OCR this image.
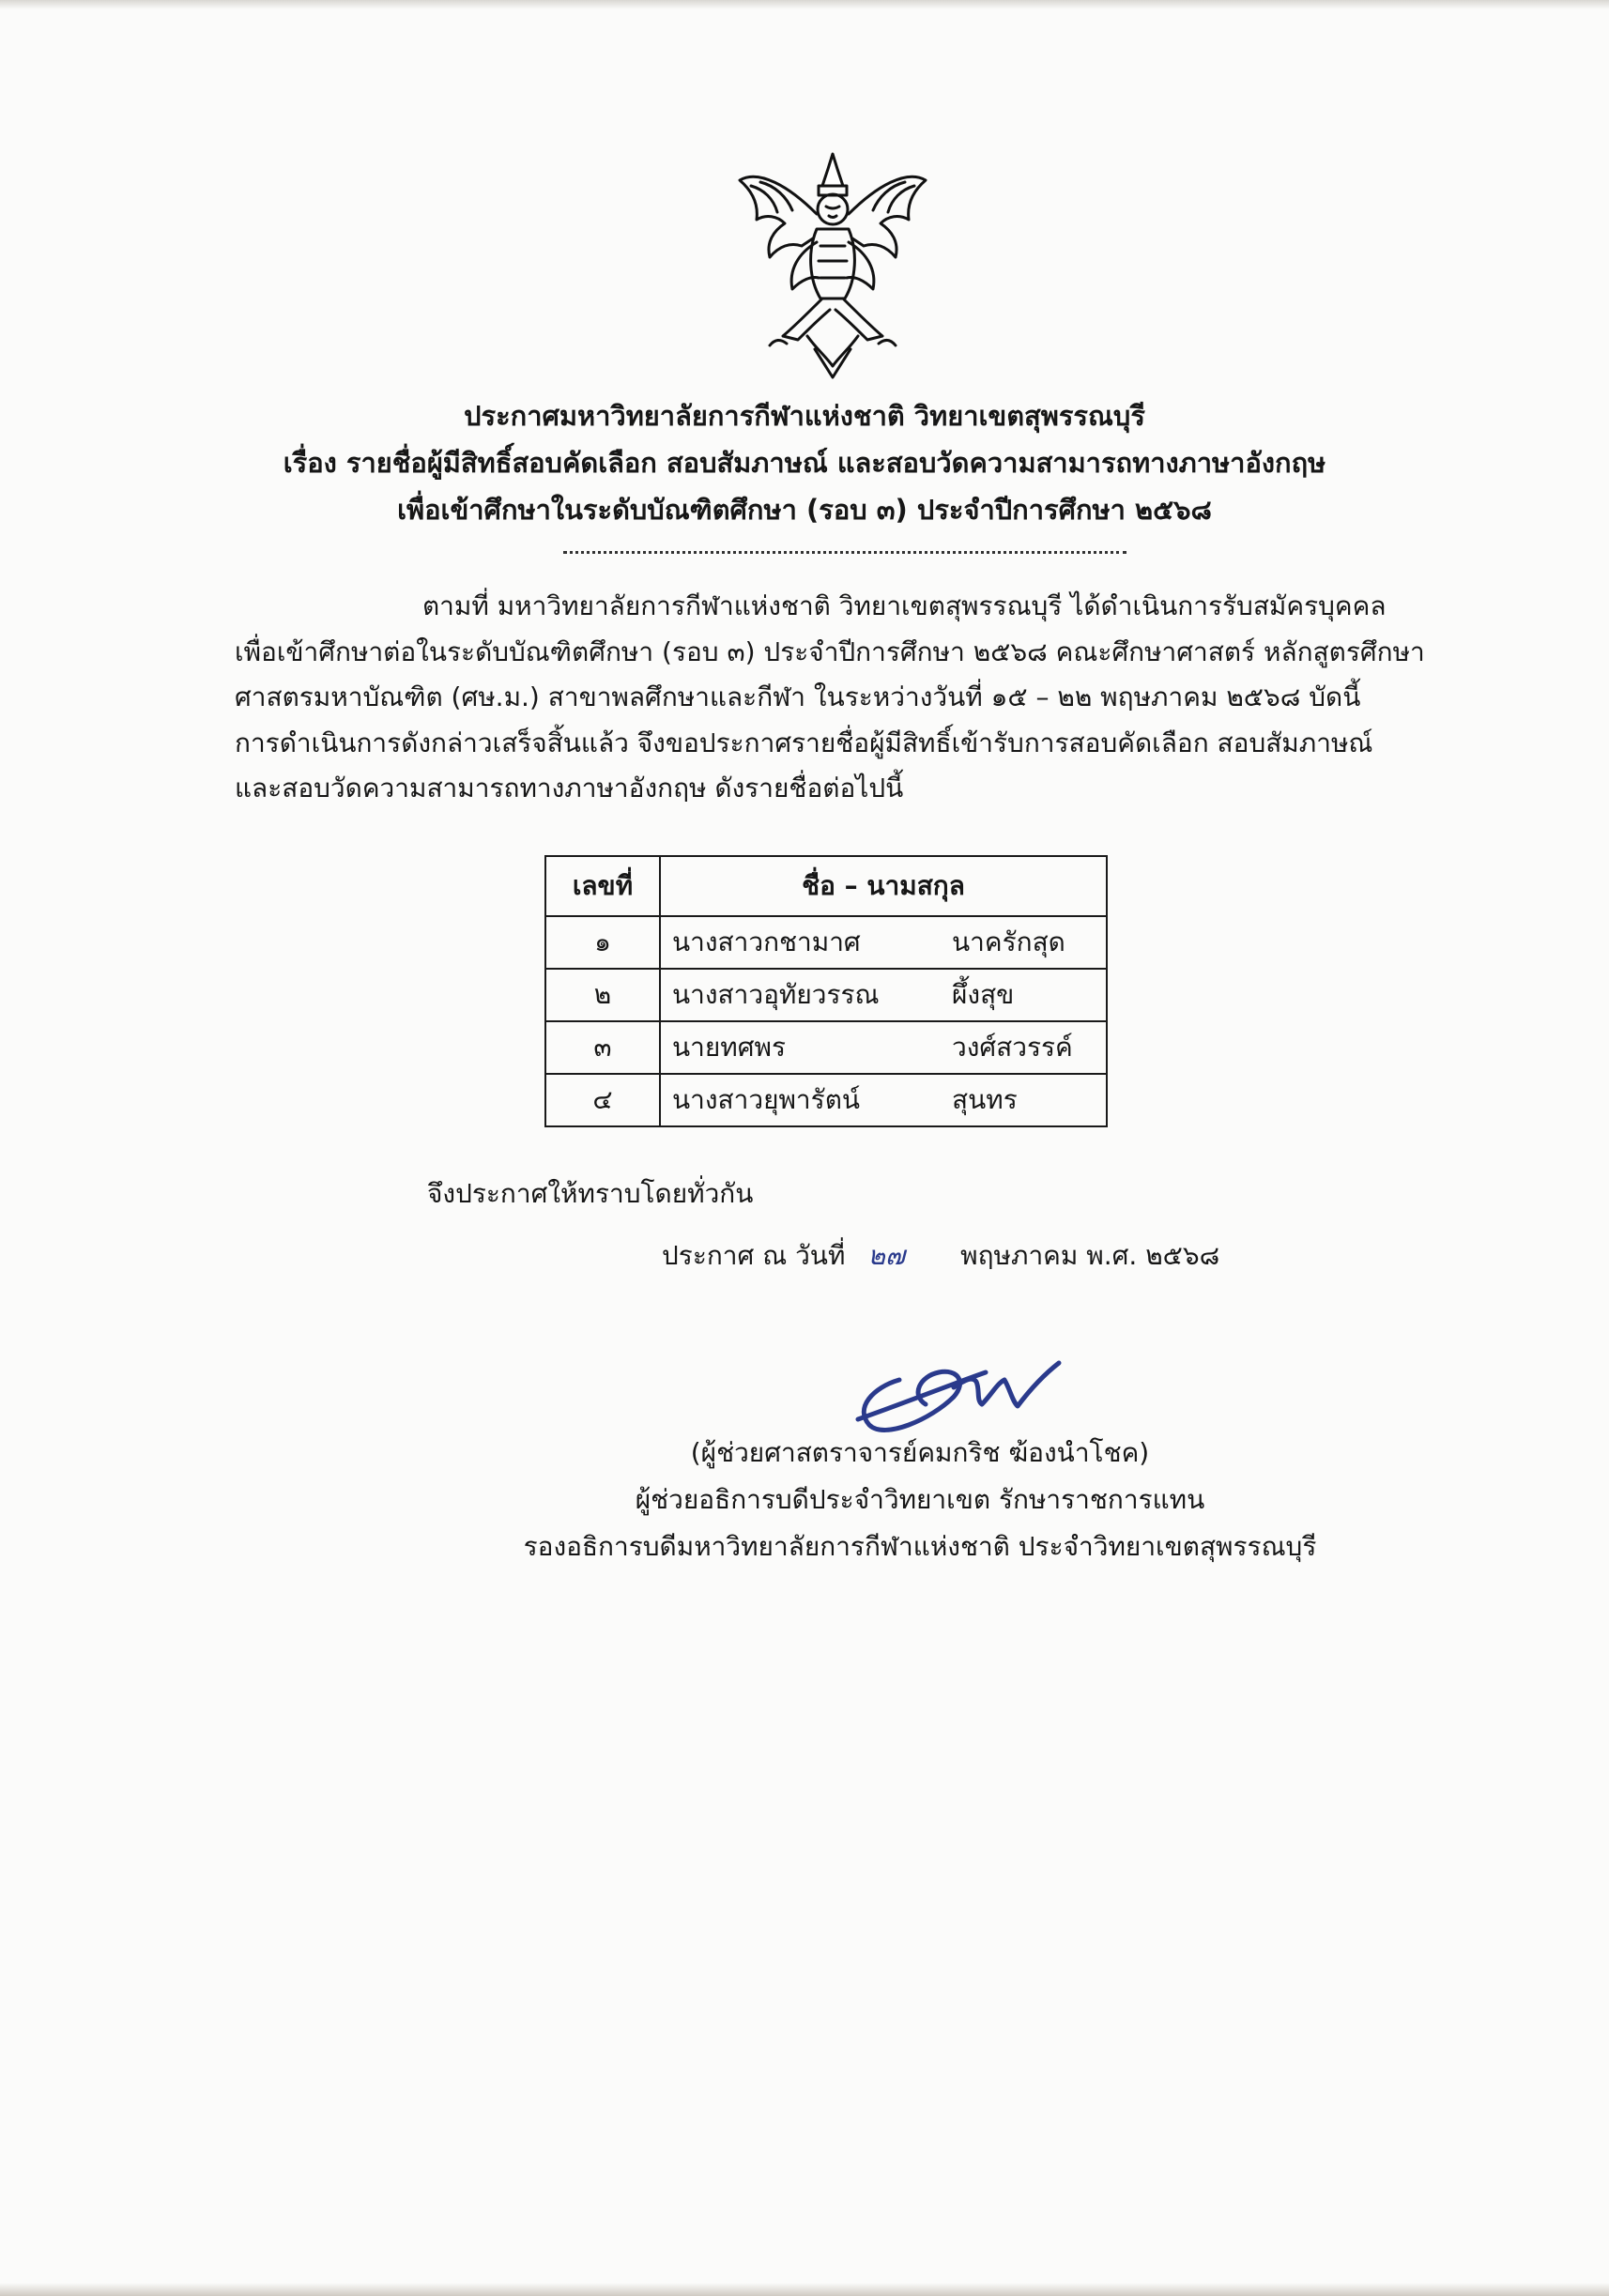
ประกาศมหาวิทยาลัยการกีฬาแห่งชาติ วิทยาเขตสุพรรณบุรี
เรื่อง รายชื่อผู้มีสิทธิ์สอบคัดเลือก สอบสัมภาษณ์ และสอบวัดความสามารถทางภาษาอังกฤษ
เพื่อเข้าศึกษาในระดับบัณฑิตศึกษา (รอบ ๓) ประจำปีการศึกษา ๒๕๖๘
ตามที่ มหาวิทยาลัยการกีฬาแห่งชาติ วิทยาเขตสุพรรณบุรี ได้ดำเนินการรับสมัครบุคคล
เพื่อเข้าศึกษาต่อในระดับบัณฑิตศึกษา (รอบ ๓) ประจำปีการศึกษา ๒๕๖๘ คณะศึกษาศาสตร์ หลักสูตรศึกษา
ศาสตรมหาบัณฑิต (ศษ.ม.) สาขาพลศึกษาและกีฬา ในระหว่างวันที่ ๑๕ – ๒๒ พฤษภาคม ๒๕๖๘ บัดนี้
การดำเนินการดังกล่าวเสร็จสิ้นแล้ว จึงขอประกาศรายชื่อผู้มีสิทธิ์เข้ารับการสอบคัดเลือก สอบสัมภาษณ์
และสอบวัดความสามารถทางภาษาอังกฤษ ดังรายชื่อต่อไปนี้
เลขที่	ชื่อ – นามสกุล
๑	นางสาวกชามาศ นาครักสุด
๒	นางสาวอุทัยวรรณ ผึ้งสุข
๓	นายทศพร วงศ์สวรรค์
๔	นางสาวยุพารัตน์ สุนทร
จึงประกาศให้ทราบโดยทั่วกัน
ประกาศ ณ วันที่ ๒๗ พฤษภาคม พ.ศ. ๒๕๖๘
(ผู้ช่วยศาสตราจารย์คมกริช ฆ้องนำโชค)
ผู้ช่วยอธิการบดีประจำวิทยาเขต รักษาราชการแทน
รองอธิการบดีมหาวิทยาลัยการกีฬาแห่งชาติ ประจำวิทยาเขตสุพรรณบุรี
